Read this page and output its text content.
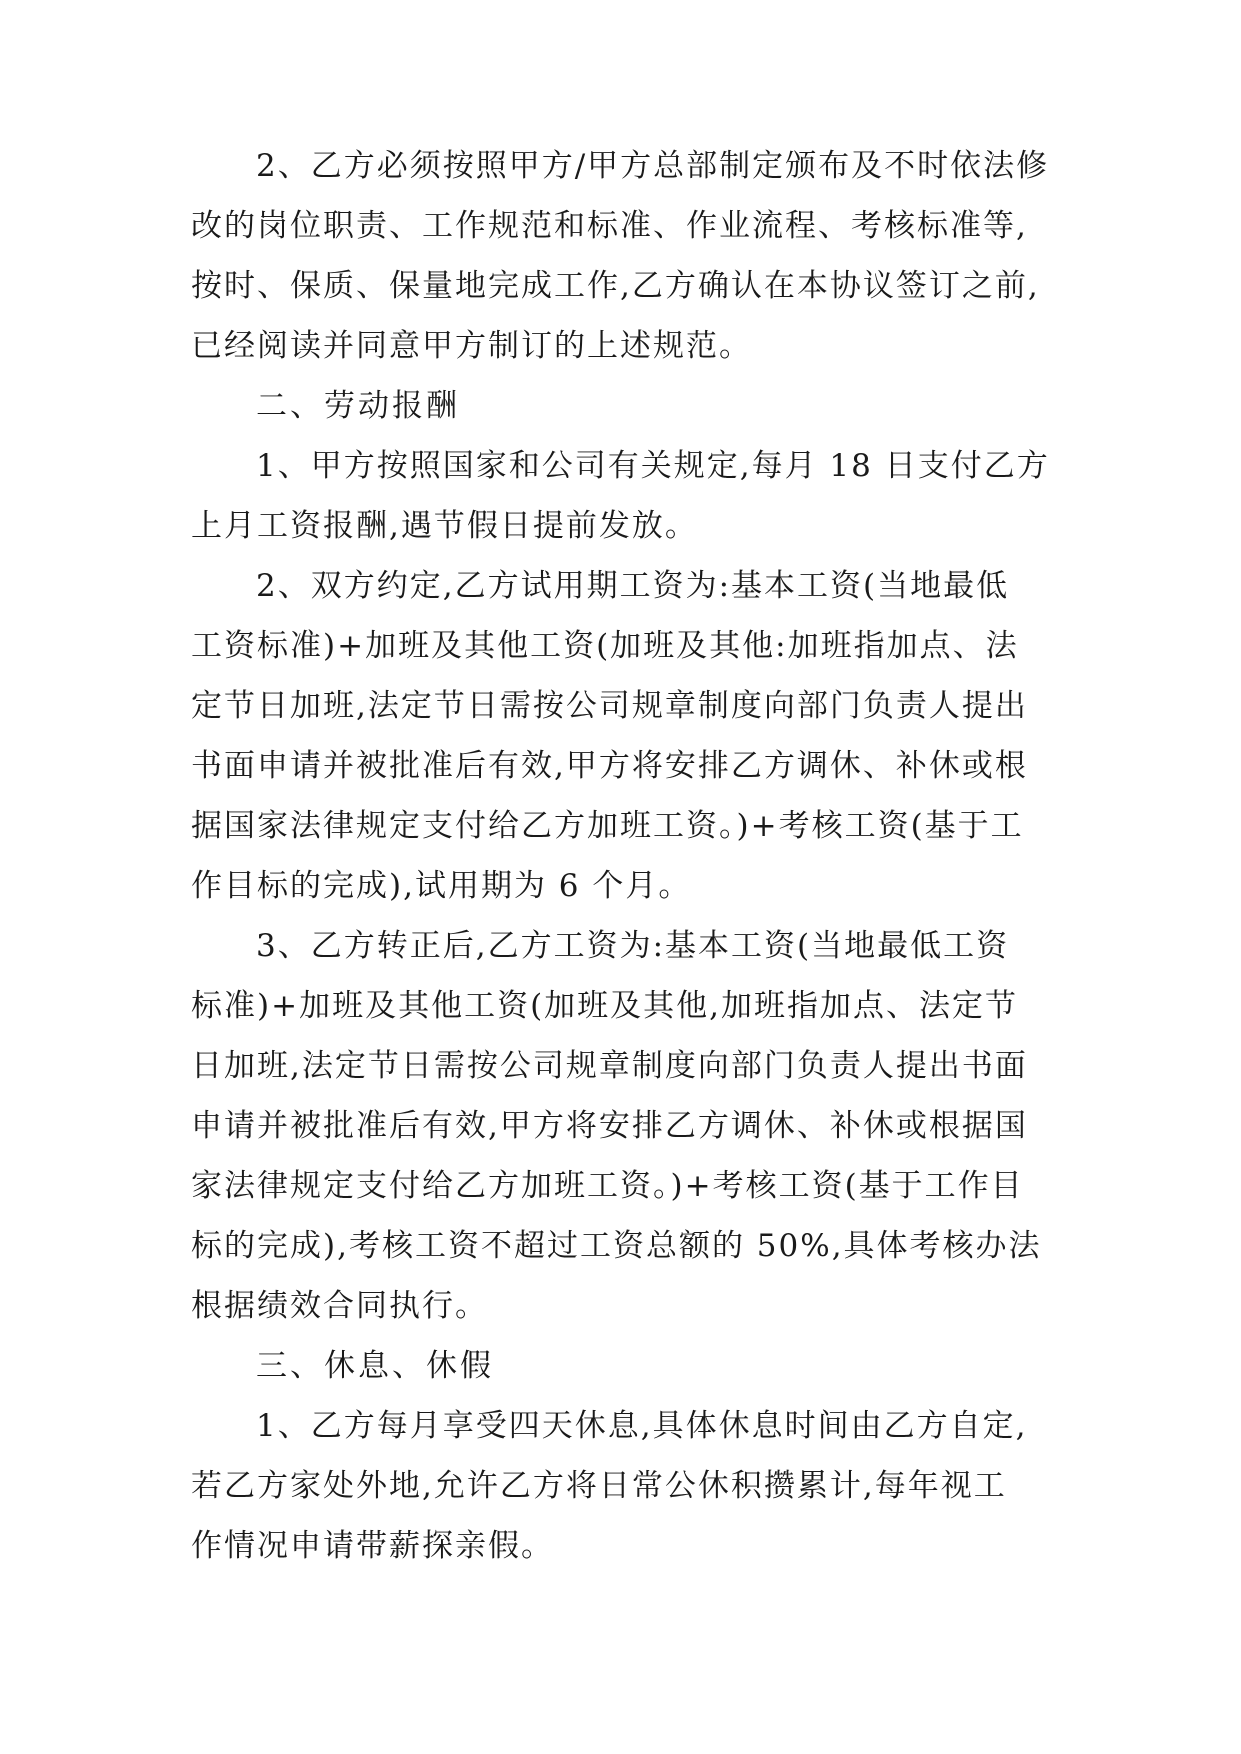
2、乙方必须按照甲方/甲方总部制定颁布及不时依法修
改的岗位职责、工作规范和标准、作业流程、考核标准等,
按时、保质、保量地完成工作,乙方确认在本协议签订之前,
已经阅读并同意甲方制订的上述规范。
二、劳动报酬
1、甲方按照国家和公司有关规定,每月 18 日支付乙方
上月工资报酬,遇节假日提前发放。
2、双方约定,乙方试用期工资为:基本工资(当地最低
工资标准)+加班及其他工资(加班及其他:加班指加点、法
定节日加班,法定节日需按公司规章制度向部门负责人提出
书面申请并被批准后有效,甲方将安排乙方调休、补休或根
据国家法律规定支付给乙方加班工资。)+考核工资(基于工
作目标的完成),试用期为 6 个月。
3、乙方转正后,乙方工资为:基本工资(当地最低工资
标准)+加班及其他工资(加班及其他,加班指加点、法定节
日加班,法定节日需按公司规章制度向部门负责人提出书面
申请并被批准后有效,甲方将安排乙方调休、补休或根据国
家法律规定支付给乙方加班工资。)+考核工资(基于工作目
标的完成),考核工资不超过工资总额的 50%,具体考核办法
根据绩效合同执行。
三、休息、休假
1、乙方每月享受四天休息,具体休息时间由乙方自定,
若乙方家处外地,允许乙方将日常公休积攒累计,每年视工
作情况申请带薪探亲假。
